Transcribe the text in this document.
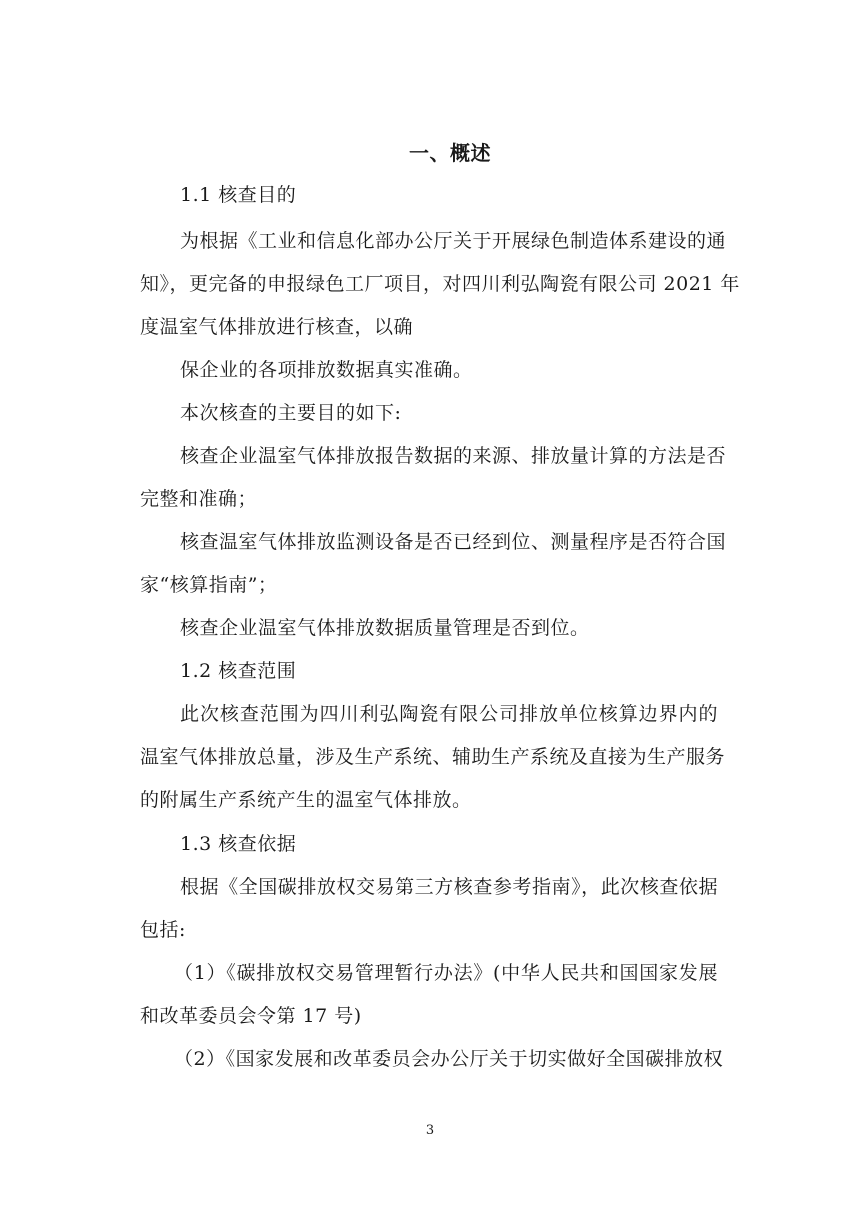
一、概述
1.1 核查目的
为根据《工业和信息化部办公厅关于开展绿色制造体系建设的通
知》，更完备的申报绿色工厂项目，对四川利弘陶瓷有限公司 2021 年
度温室气体排放进行核查，以确
保企业的各项排放数据真实准确。
本次核查的主要目的如下:
核查企业温室气体排放报告数据的来源、排放量计算的方法是否
完整和准确；
核查温室气体排放监测设备是否已经到位、测量程序是否符合国
家“核算指南”；
核查企业温室气体排放数据质量管理是否到位。
1.2 核查范围
此次核查范围为四川利弘陶瓷有限公司排放单位核算边界内的
温室气体排放总量，涉及生产系统、辅助生产系统及直接为生产服务
的附属生产系统产生的温室气体排放。
1.3 核查依据
根据《全国碳排放权交易第三方核查参考指南》，此次核查依据
包括:
（1）《碳排放权交易管理暂行办法》(中华人民共和国国家发展
和改革委员会令第 17 号)
（2）《国家发展和改革委员会办公厅关于切实做好全国碳排放权
3
